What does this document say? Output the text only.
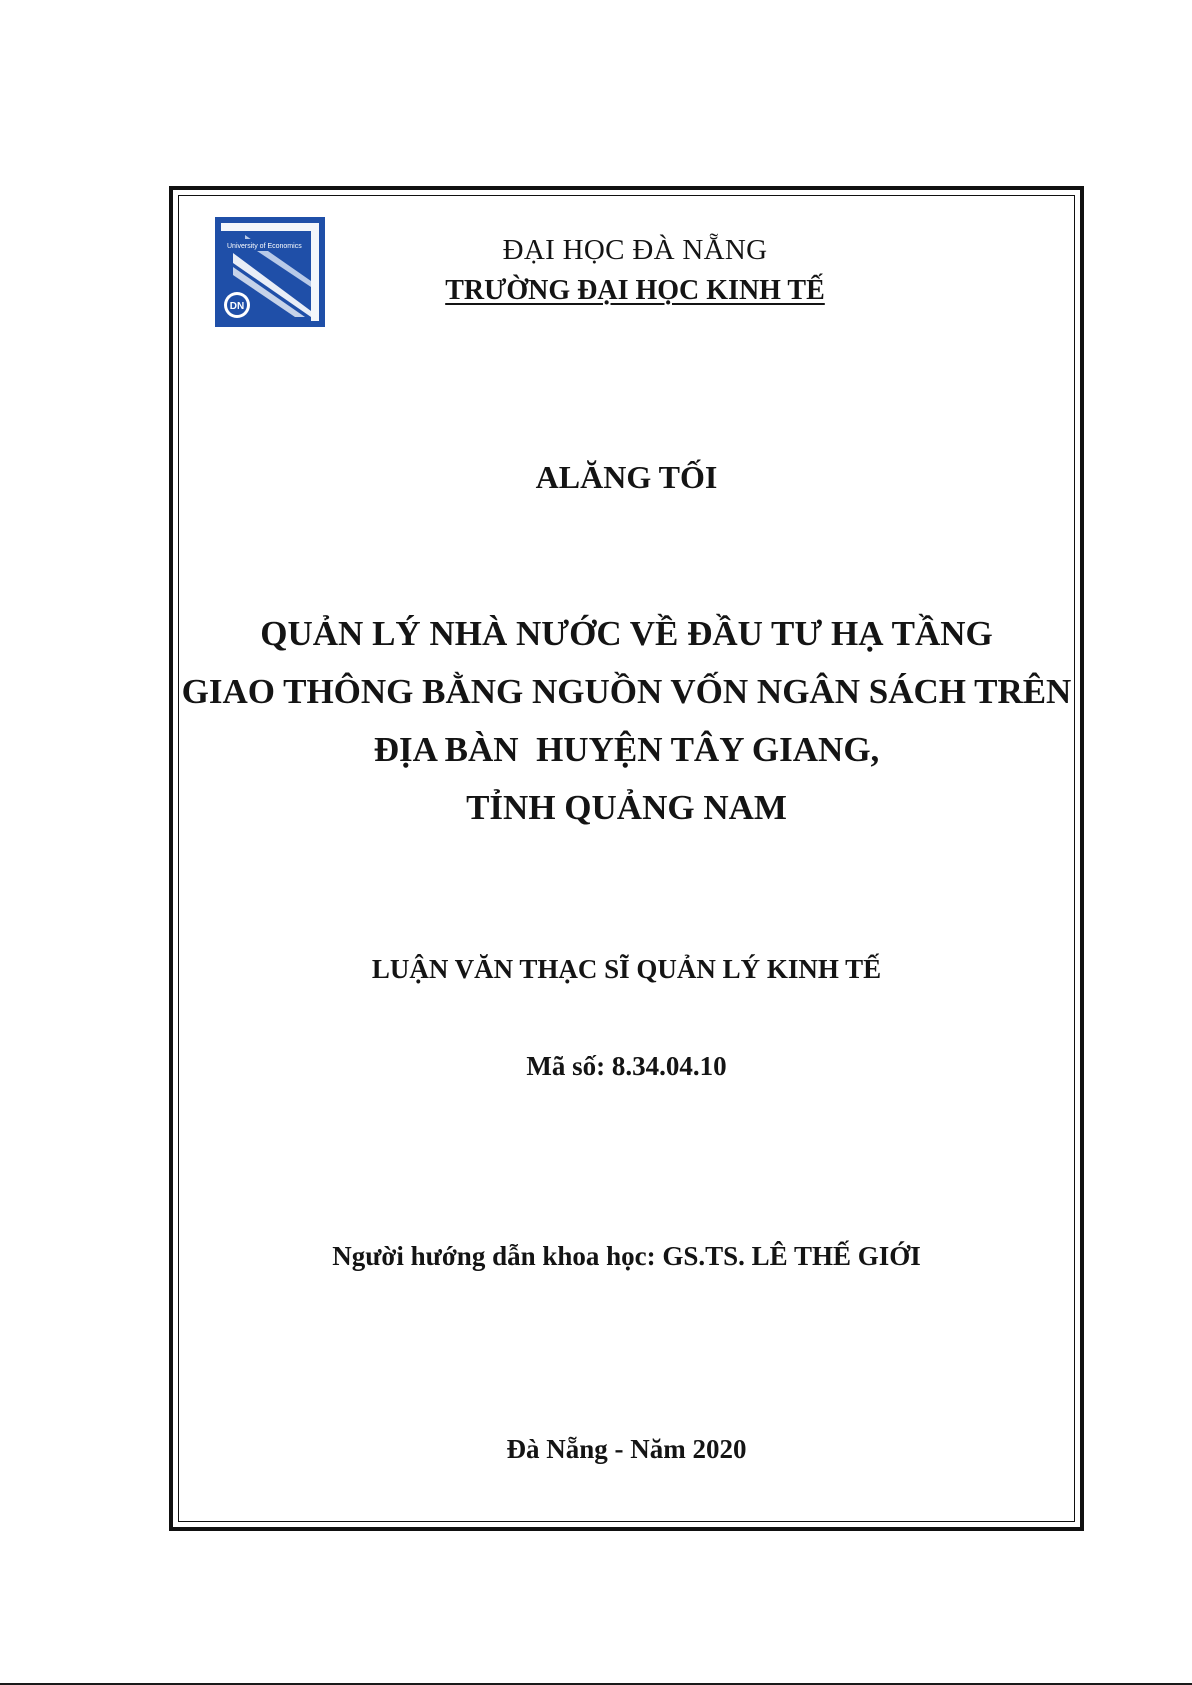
University of Economics
DN
ĐẠI HỌC ĐÀ NẴNG
TRƯỜNG ĐẠI HỌC KINH TẾ
ALĂNG TỐI
QUẢN LÝ NHÀ NƯỚC VỀ ĐẦU TƯ HẠ TẦNG
GIAO THÔNG BẰNG NGUỒN VỐN NGÂN SÁCH TRÊN
ĐỊA BÀN  HUYỆN TÂY GIANG,
TỈNH QUẢNG NAM
LUẬN VĂN THẠC SĨ QUẢN LÝ KINH TẾ
Mã số: 8.34.04.10
Người hướng dẫn khoa học: GS.TS. LÊ THẾ GIỚI
Đà Nẵng - Năm 2020
